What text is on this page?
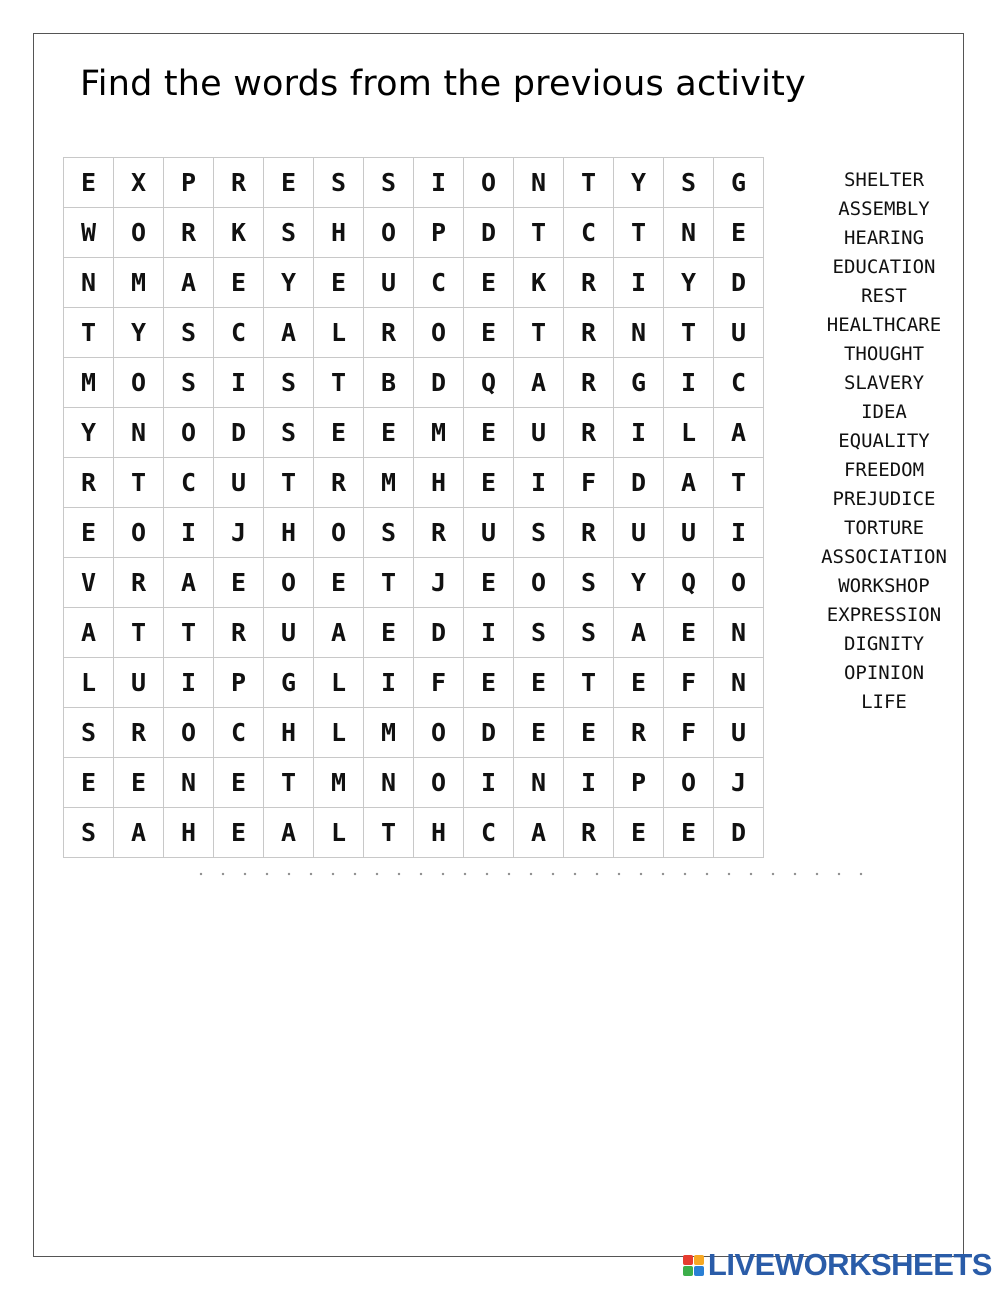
Find the words from the previous activity
E	X	P	R	E	S	S	I	O	N	T	Y	S	G
W	O	R	K	S	H	O	P	D	T	C	T	N	E
N	M	A	E	Y	E	U	C	E	K	R	I	Y	D
T	Y	S	C	A	L	R	O	E	T	R	N	T	U
M	O	S	I	S	T	B	D	Q	A	R	G	I	C
Y	N	O	D	S	E	E	M	E	U	R	I	L	A
R	T	C	U	T	R	M	H	E	I	F	D	A	T
E	O	I	J	H	O	S	R	U	S	R	U	U	I
V	R	A	E	O	E	T	J	E	O	S	Y	Q	O
A	T	T	R	U	A	E	D	I	S	S	A	E	N
L	U	I	P	G	L	I	F	E	E	T	E	F	N
S	R	O	C	H	L	M	O	D	E	E	R	F	U
E	E	N	E	T	M	N	O	I	N	I	P	O	J
S	A	H	E	A	L	T	H	C	A	R	E	E	D
SHELTER
ASSEMBLY
HEARING
EDUCATION
REST
HEALTHCARE
THOUGHT
SLAVERY
IDEA
EQUALITY
FREEDOM
PREJUDICE
TORTURE
ASSOCIATION
WORKSHOP
EXPRESSION
DIGNITY
OPINION
LIFE
LIVEWORKSHEETS
